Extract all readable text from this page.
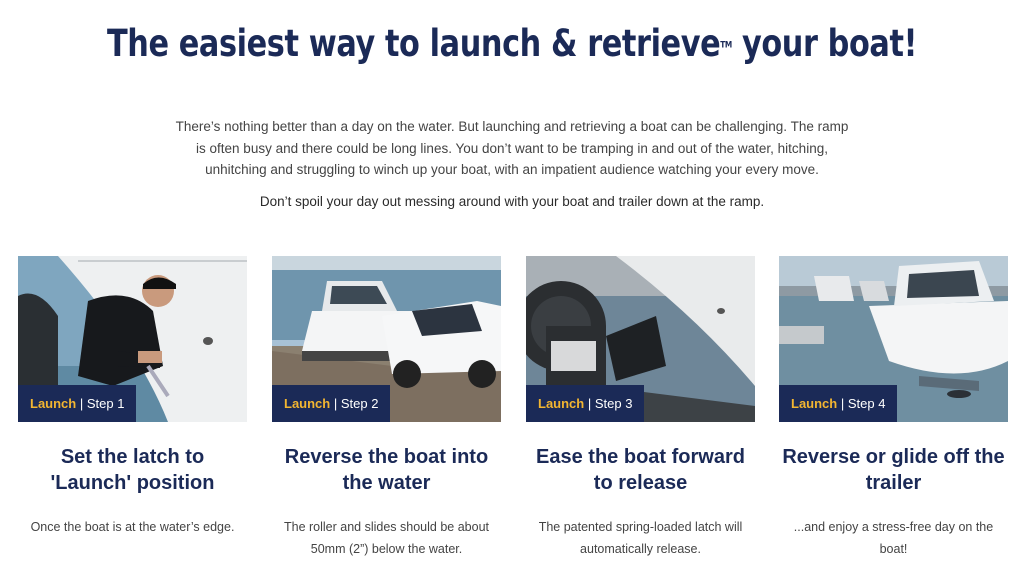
The easiest way to launch & retrieveTM your boat!
There’s nothing better than a day on the water. But launching and retrieving a boat can be challenging. The ramp is often busy and there could be long lines. You don’t want to be tramping in and out of the water, hitching, unhitching and struggling to winch up your boat, with an impatient audience watching your every move.
Don’t spoil your day out messing around with your boat and trailer down at the ramp.
Launch | Step 1
Set the latch to 'Launch' position
Once the boat is at the water’s edge.
Launch | Step 2
Reverse the boat into the water
The roller and slides should be about 50mm (2”) below the water.
Launch | Step 3
Ease the boat forward to release
The patented spring-loaded latch will automatically release.
Launch | Step 4
Reverse or glide off the trailer
...and enjoy a stress-free day on the boat!
